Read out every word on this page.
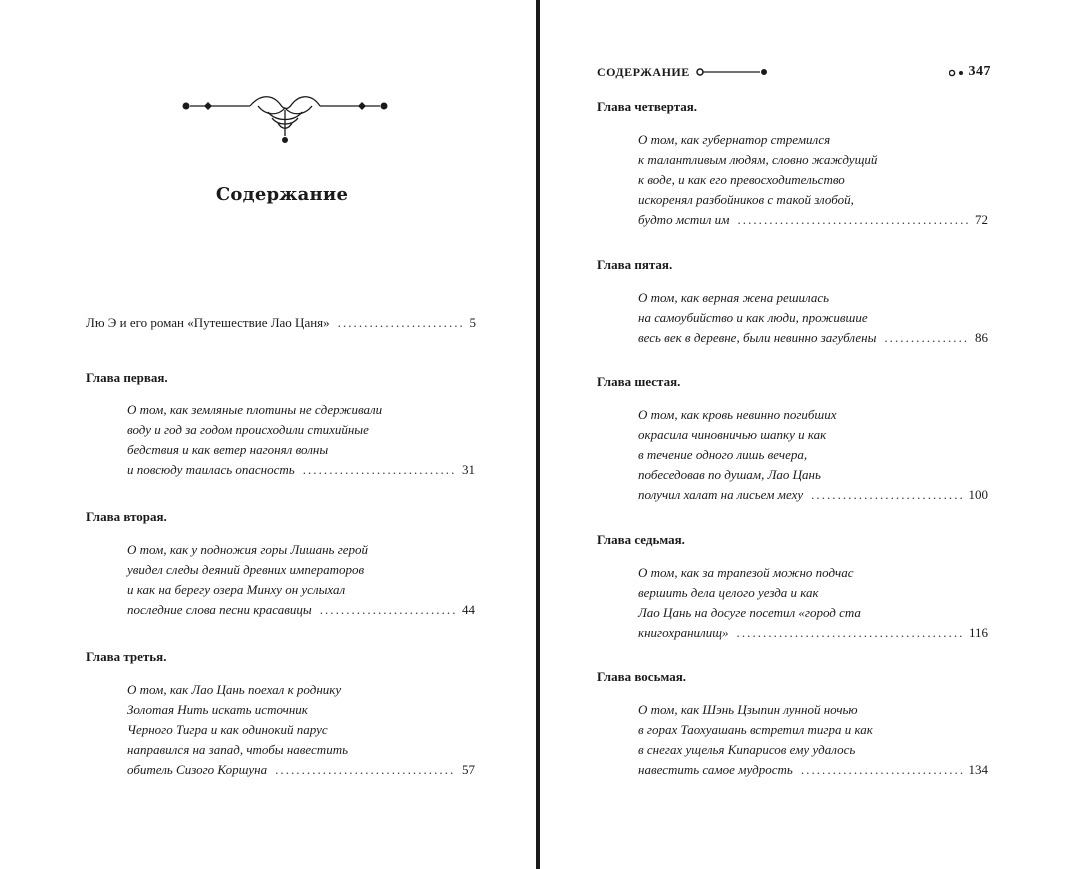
Содержание
Лю Э и его роман «Путешествие Лао Цаня» . . .	5
Глава первая.
О том, как земляные плотины не сдерживали
воду и год за годом происходили стихийные
бедствия и как ветер нагонял волны
и повсюду таилась опасность . . .	31
Глава вторая.
О том, как у подножия горы Лишань герой
увидел следы деяний древних императоров
и как на берегу озера Минху он услыхал
последние слова песни красавицы . . .	44
Глава третья.
О том, как Лао Цань поехал к роднику
Золотая Нить искать источник
Черного Тигра и как одинокий парус
направился на запад, чтобы навестить
обитель Сизого Коршуна . . .	57
СОДЕРЖАНИЕ	347
Глава четвертая.
О том, как губернатор стремился
к талантливым людям, словно жаждущий
к воде, и как его превосходительство
искоренял разбойников с такой злобой,
будто мстил им . . .	72
Глава пятая.
О том, как верная жена решилась
на самоубийство и как люди, прожившие
весь век в деревне, были невинно загублены . . .	86
Глава шестая.
О том, как кровь невинно погибших
окрасила чиновничью шапку и как
в течение одного лишь вечера,
побеседовав по душам, Лао Цань
получил халат на лисьем меху . . .	100
Глава седьмая.
О том, как за трапезой можно подчас
вершить дела целого уезда и как
Лао Цань на досуге посетил «город ста
книгохранилищ» . . .	116
Глава восьмая.
О том, как Шэнь Цзыпин лунной ночью
в горах Таохуашань встретил тигра и как
в снегах ущелья Кипарисов ему удалось
навестить самое мудрость . . .	134
